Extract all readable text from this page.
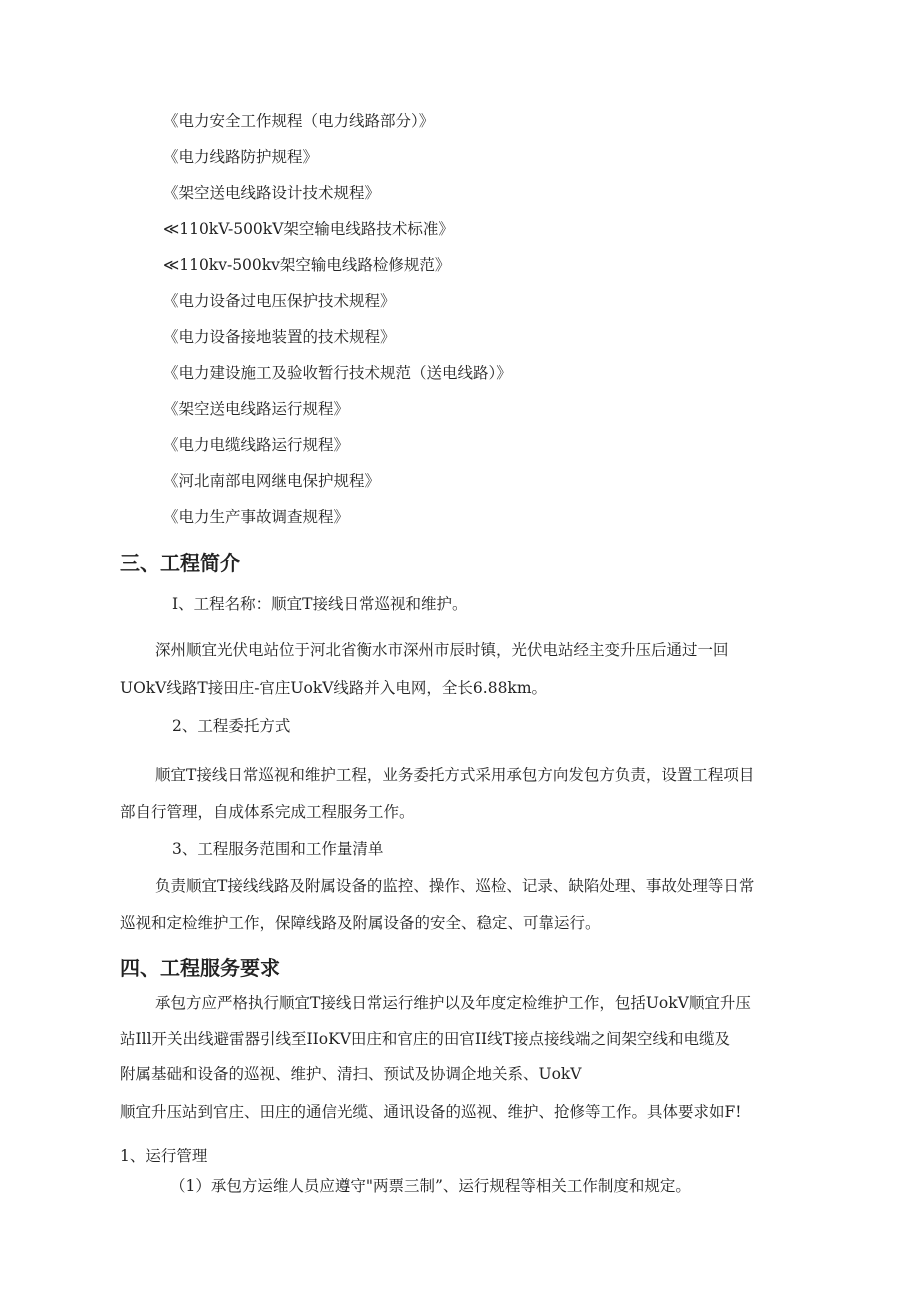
《电力安全工作规程（电力线路部分）》
《电力线路防护规程》
《架空送电线路设计技术规程》
≪110kV-500kV架空输电线路技术标准》
≪110kv-500kv架空输电线路检修规范》
《电力设备过电压保护技术规程》
《电力设备接地装置的技术规程》
《电力建设施工及验收暂行技术规范（送电线路）》
《架空送电线路运行规程》
《电力电缆线路运行规程》
《河北南部电网继电保护规程》
《电力生产事故调查规程》
三、工程简介
I、工程名称：顺宜T接线日常巡视和维护。
深州顺宜光伏电站位于河北省衡水市深州市辰时镇，光伏电站经主变升压后通过一回
UOkV线路T接田庄-官庄UokV线路并入电网，全长6.88km。
2、工程委托方式
顺宜T接线日常巡视和维护工程，业务委托方式采用承包方向发包方负责，设置工程项目
部自行管理，自成体系完成工程服务工作。
3、工程服务范围和工作量清单
负责顺宜T接线线路及附属设备的监控、操作、巡检、记录、缺陷处理、事故处理等日常
巡视和定检维护工作，保障线路及附属设备的安全、稳定、可靠运行。
四、工程服务要求
承包方应严格执行顺宜T接线日常运行维护以及年度定检维护工作，包括UokV顺宜升压
站Ill开关出线避雷器引线至IIoKV田庄和官庄的田官II线T接点接线端之间架空线和电缆及
附属基础和设备的巡视、维护、清扫、预试及协调企地关系、UokV
顺宜升压站到官庄、田庄的通信光缆、通讯设备的巡视、维护、抢修等工作。具体要求如F!
1、运行管理
（1）承包方运维人员应遵守"两票三制”、运行规程等相关工作制度和规定。
